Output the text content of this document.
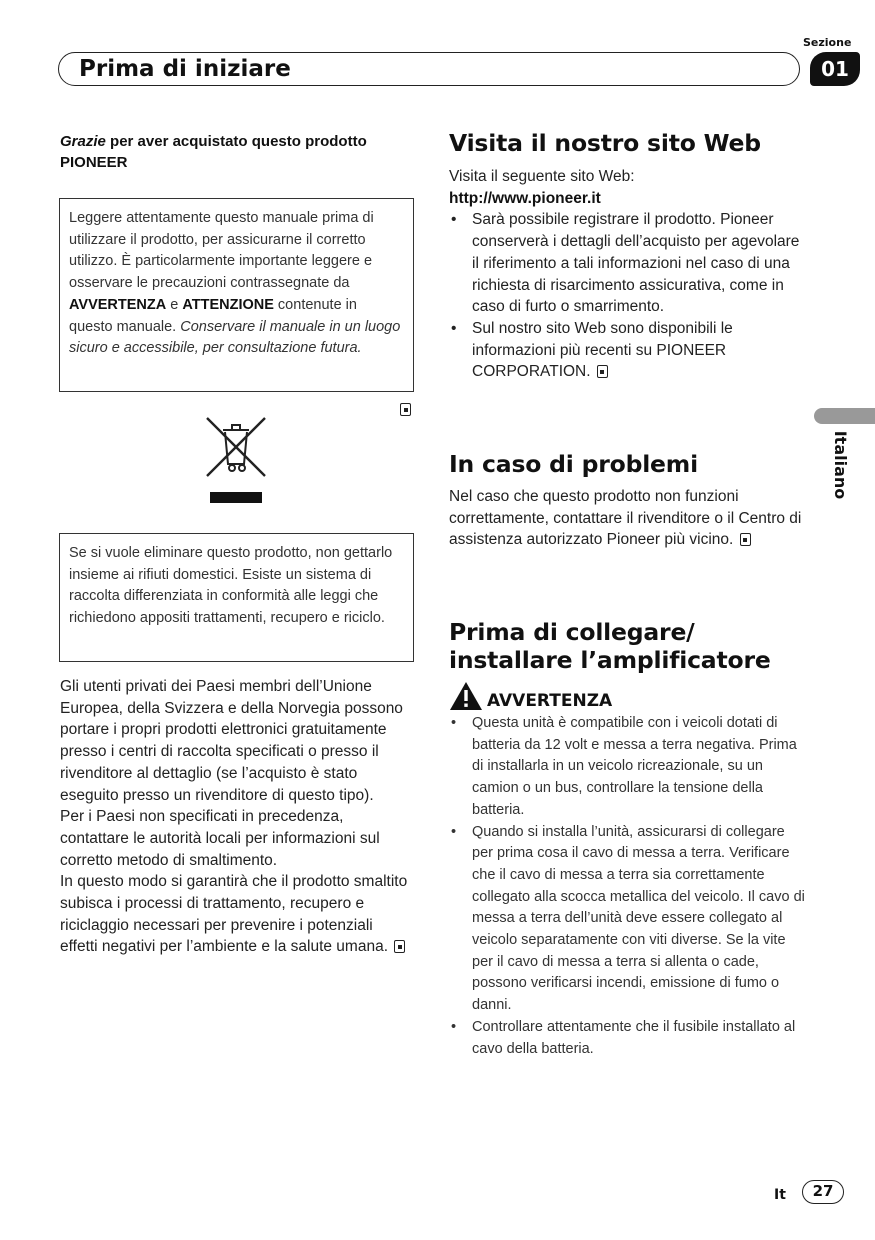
Prima di iniziare
Sezione
01
Italiano
Grazie per aver acquistato questo prodotto
PIONEER

Leggere attentamente questo manuale prima di utilizzare il prodotto, per assicurarne il corretto utilizzo. È particolarmente importante leggere e osservare le precauzioni contrassegnate da AVVERTENZA e ATTENZIONE contenute in questo manuale. Conservare il manuale in un luogo sicuro e accessibile, per consultazione futura.

Se si vuole eliminare questo prodotto, non gettarlo insieme ai rifiuti domestici. Esiste un sistema di raccolta differenziata in conformità alle leggi che richiedono appositi trattamenti, recupero e riciclo.

Gli utenti privati dei Paesi membri dell’Unione Europea, della Svizzera e della Norvegia possono portare i propri prodotti elettronici gratuitamente presso i centri di raccolta specificati o presso il rivenditore al dettaglio (se l’acquisto è stato eseguito presso un rivenditore di questo tipo).
Per i Paesi non specificati in precedenza, contattare le autorità locali per informazioni sul corretto metodo di smaltimento.
In questo modo si garantirà che il prodotto smaltito subisca i processi di trattamento, recupero e riciclaggio necessari per prevenire i potenziali effetti negativi per l’ambiente e la salute umana.
Visita il nostro sito Web
Visita il seguente sito Web:
http://www.pioneer.it
• Sarà possibile registrare il prodotto. Pioneer conserverà i dettagli dell’acquisto per agevolare il riferimento a tali informazioni nel caso di una richiesta di risarcimento assicurativa, come in caso di furto o smarrimento.
• Sul nostro sito Web sono disponibili le informazioni più recenti su PIONEER CORPORATION.
In caso di problemi
Nel caso che questo prodotto non funzioni correttamente, contattare il rivenditore o il Centro di assistenza autorizzato Pioneer più vicino.
Prima di collegare/
installare l’amplificatore
AVVERTENZA
• Questa unità è compatibile con i veicoli dotati di batteria da 12 volt e messa a terra negativa. Prima di installarla in un veicolo ricreazionale, su un camion o un bus, controllare la tensione della batteria.
• Quando si installa l’unità, assicurarsi di collegare per prima cosa il cavo di messa a terra. Verificare che il cavo di messa a terra sia correttamente collegato alla scocca metallica del veicolo. Il cavo di messa a terra dell’unità deve essere collegato al veicolo separatamente con viti diverse. Se la vite per il cavo di messa a terra si allenta o cade, possono verificarsi incendi, emissione di fumo o danni.
• Controllare attentamente che il fusibile installato al cavo della batteria.
It	27
